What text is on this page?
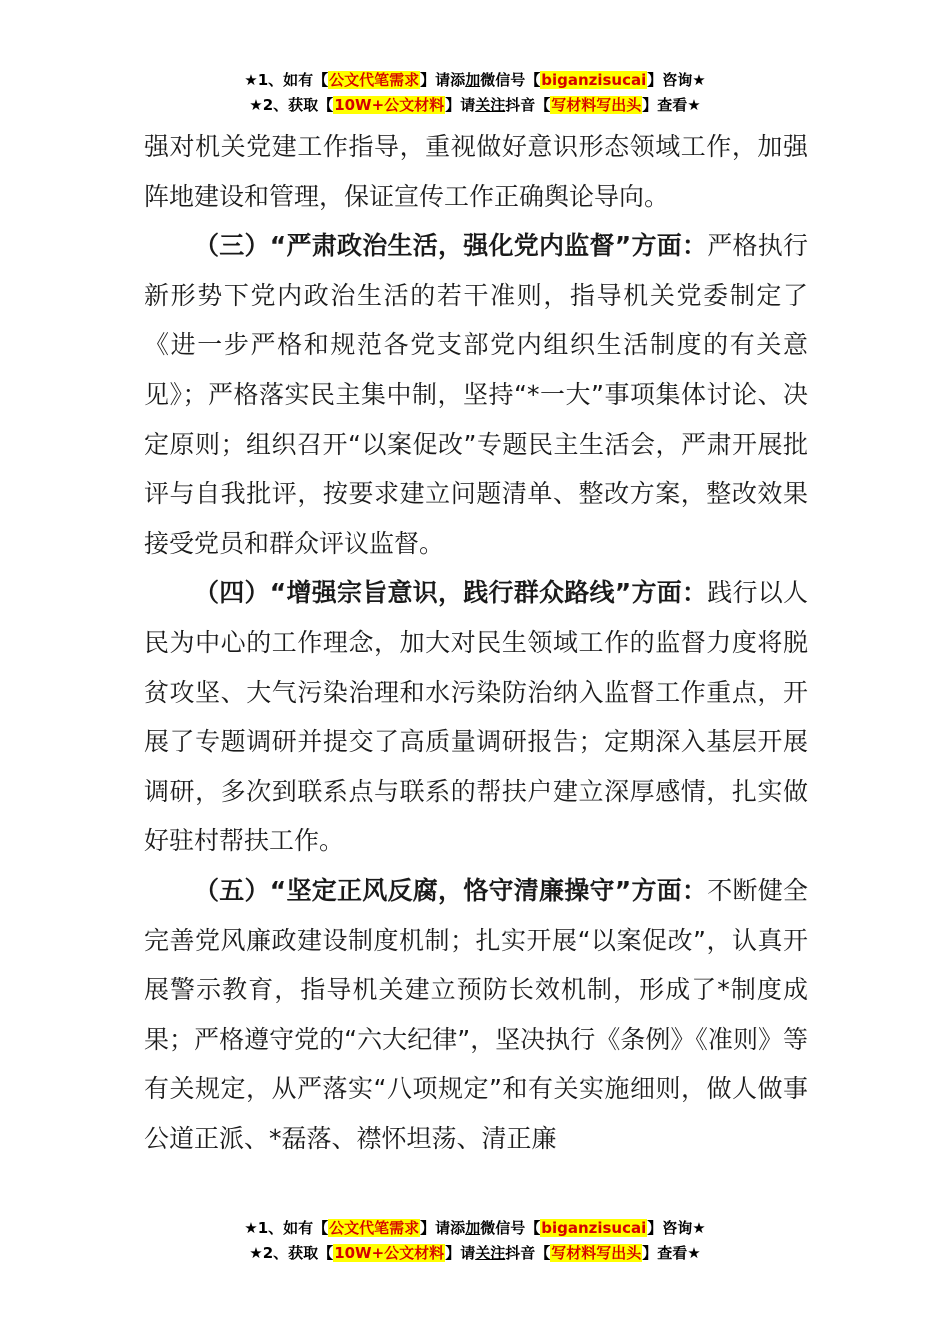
★1、如有【公文代笔需求】请添加微信号【biganzisucai】咨询★
★2、获取【10W+公文材料】请关注抖音【写材料写出头】查看★

强对机关党建工作指导，重视做好意识形态领域工作，加强阵地建设和管理，保证宣传工作正确舆论导向。

（三）“严肃政治生活，强化党内监督”方面：严格执行新形势下党内政治生活的若干准则，指导机关党委制定了《进一步严格和规范各党支部党内组织生活制度的有关意见》；严格落实民主集中制，坚持“*一大”事项集体讨论、决定原则；组织召开“以案促改”专题民主生活会，严肃开展批评与自我批评，按要求建立问题清单、整改方案，整改效果接受党员和群众评议监督。

（四）“增强宗旨意识，践行群众路线”方面：践行以人民为中心的工作理念，加大对民生领域工作的监督力度将脱贫攻坚、大气污染治理和水污染防治纳入监督工作重点，开展了专题调研并提交了高质量调研报告；定期深入基层开展调研，多次到联系点与联系的帮扶户建立深厚感情，扎实做好驻村帮扶工作。

（五）“坚定正风反腐，恪守清廉操守”方面：不断健全完善党风廉政建设制度机制；扎实开展“以案促改”，认真开展警示教育，指导机关建立预防长效机制，形成了*制度成果；严格遵守党的“六大纪律”，坚决执行《条例》《准则》等有关规定，从严落实“八项规定”和有关实施细则，做人做事公道正派、*磊落、襟怀坦荡、清正廉

★1、如有【公文代笔需求】请添加微信号【biganzisucai】咨询★
★2、获取【10W+公文材料】请关注抖音【写材料写出头】查看★
